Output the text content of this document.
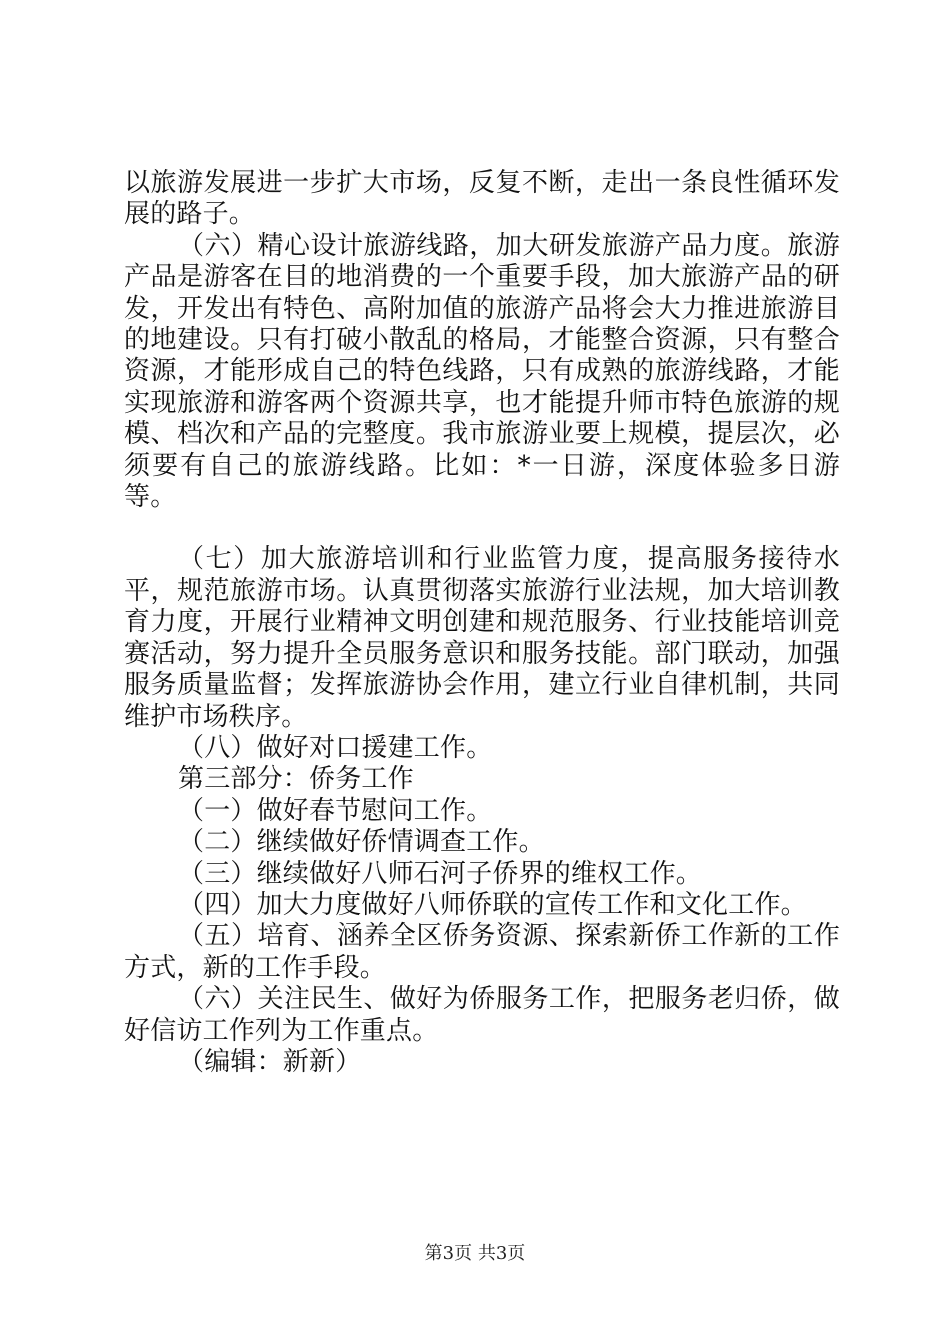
以旅游发展进一步扩大市场，反复不断，走出一条良性循环发展的路子。

（六）精心设计旅游线路，加大研发旅游产品力度。旅游产品是游客在目的地消费的一个重要手段，加大旅游产品的研发，开发出有特色、高附加值的旅游产品将会大力推进旅游目的地建设。只有打破小散乱的格局，才能整合资源，只有整合资源，才能形成自己的特色线路，只有成熟的旅游线路，才能实现旅游和游客两个资源共享，也才能提升师市特色旅游的规模、档次和产品的完整度。我市旅游业要上规模，提层次，必须要有自己的旅游线路。比如：*一日游，深度体验多日游等。

（七）加大旅游培训和行业监管力度，提高服务接待水平，规范旅游市场。认真贯彻落实旅游行业法规，加大培训教育力度，开展行业精神文明创建和规范服务、行业技能培训竞赛活动，努力提升全员服务意识和服务技能。部门联动，加强服务质量监督；发挥旅游协会作用，建立行业自律机制，共同维护市场秩序。

（八）做好对口援建工作。

第三部分：侨务工作

（一）做好春节慰问工作。

（二）继续做好侨情调查工作。

（三）继续做好八师石河子侨界的维权工作。

（四）加大力度做好八师侨联的宣传工作和文化工作。

（五）培育、涵养全区侨务资源、探索新侨工作新的工作方式，新的工作手段。

（六）关注民生、做好为侨服务工作，把服务老归侨，做好信访工作列为工作重点。

（编辑：新新）

第3页 共3页
